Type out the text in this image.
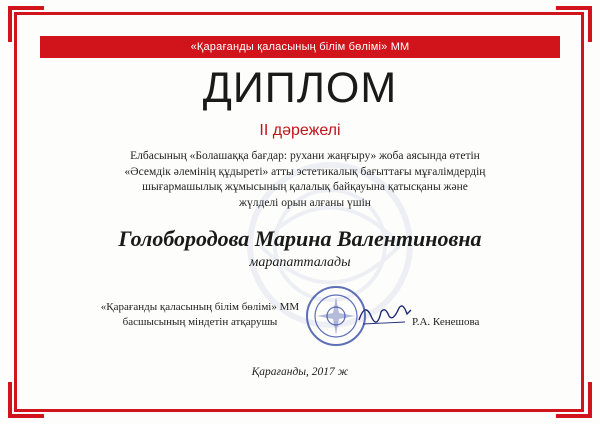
«Қарағанды қаласының білім бөлімі» ММ
ДИПЛОМ
II дәрежелі
Елбасының «Болашаққа бағдар: рухани жаңғыру» жоба аясында өтетін
«Әсемдік әлемінің құдыреті» атты эстетикалық бағыттағы мұғалімдердің
шығармашылық жұмысының қалалық байқауына қатысқаны және
жүлделі орын алғаны үшін
Голобородова Марина Валентиновна
марапатталады
«Қарағанды қаласының білім бөлімі» ММ
басшысының міндетін атқарушы	Р.А. Кенешова
Қарағанды, 2017 ж
